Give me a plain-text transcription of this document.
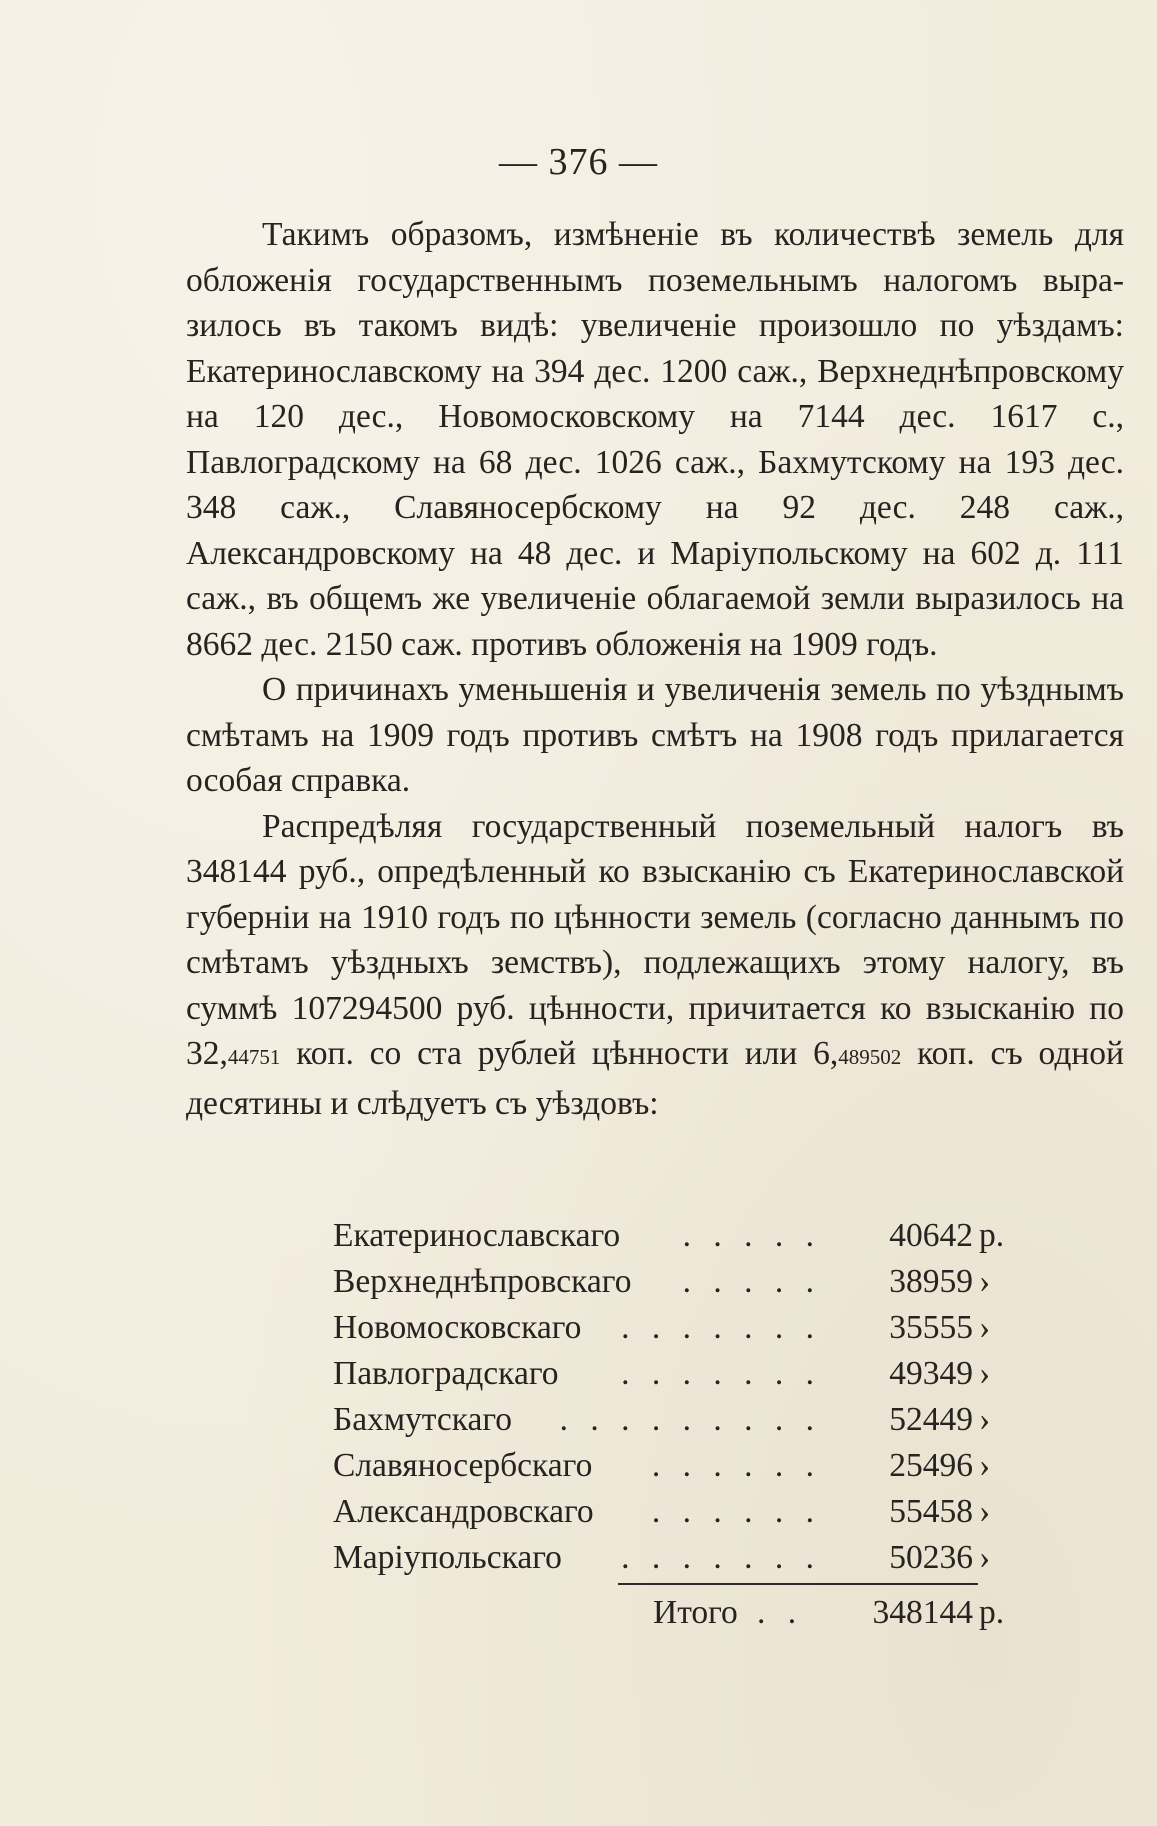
— 376 —

Такимъ образомъ, измѣненіе въ количествѣ земель для обложенія государственнымъ поземельнымъ налогомъ выразилось въ такомъ видѣ: увеличеніе произошло по уѣздамъ: Екатеринославскому на 394 дес. 1200 саж., Верхнеднѣпровскому на 120 дес., Новомосковскому на 7144 дес. 1617 с., Павлоградскому на 68 дес. 1026 саж., Бахмутскому на 193 дес. 348 саж., Славяносербскому на 92 дес. 248 саж., Александровскому на 48 дес. и Маріупольскому на 602 д. 111 саж., въ общемъ же увеличеніе облагаемой земли выразилось на 8662 дес. 2150 саж. противъ обложенія на 1909 годъ.

О причинахъ уменьшенія и увеличенія земель по уѣзднымъ смѣтамъ на 1909 годъ противъ смѣтъ на 1908 годъ прилагается особая справка.

Распредѣляя государственный поземельный налогъ въ 348144 руб., опредѣленный ко взысканію съ Екатеринославской губерніи на 1910 годъ по цѣнности земель (согласно даннымъ по смѣтамъ уѣздныхъ земствъ), подлежащихъ этому налогу, въ суммѣ 107294500 руб. цѣнности, причитается ко взысканію по 32,44751 коп. со ста рублей цѣнности или 6,489502 коп. съ одной десятины и слѣдуетъ съ уѣздовъ:

. . . . .
Екатеринославскаго	40642 р.
. . . . .
Верхнеднѣпровскаго	38959 ›
. . . . . . .
Новомосковскаго	35555 ›
. . . . . . .
Павлоградскаго	49349 ›
. . . . . . . . .
Бахмутскаго	52449 ›
. . . . . .
Славяносербскаго	25496 ›
. . . . . .
Александровскаго	55458 ›
. . . . . . .
Маріупольскаго	50236 ›
Итого . .	348144 р.
